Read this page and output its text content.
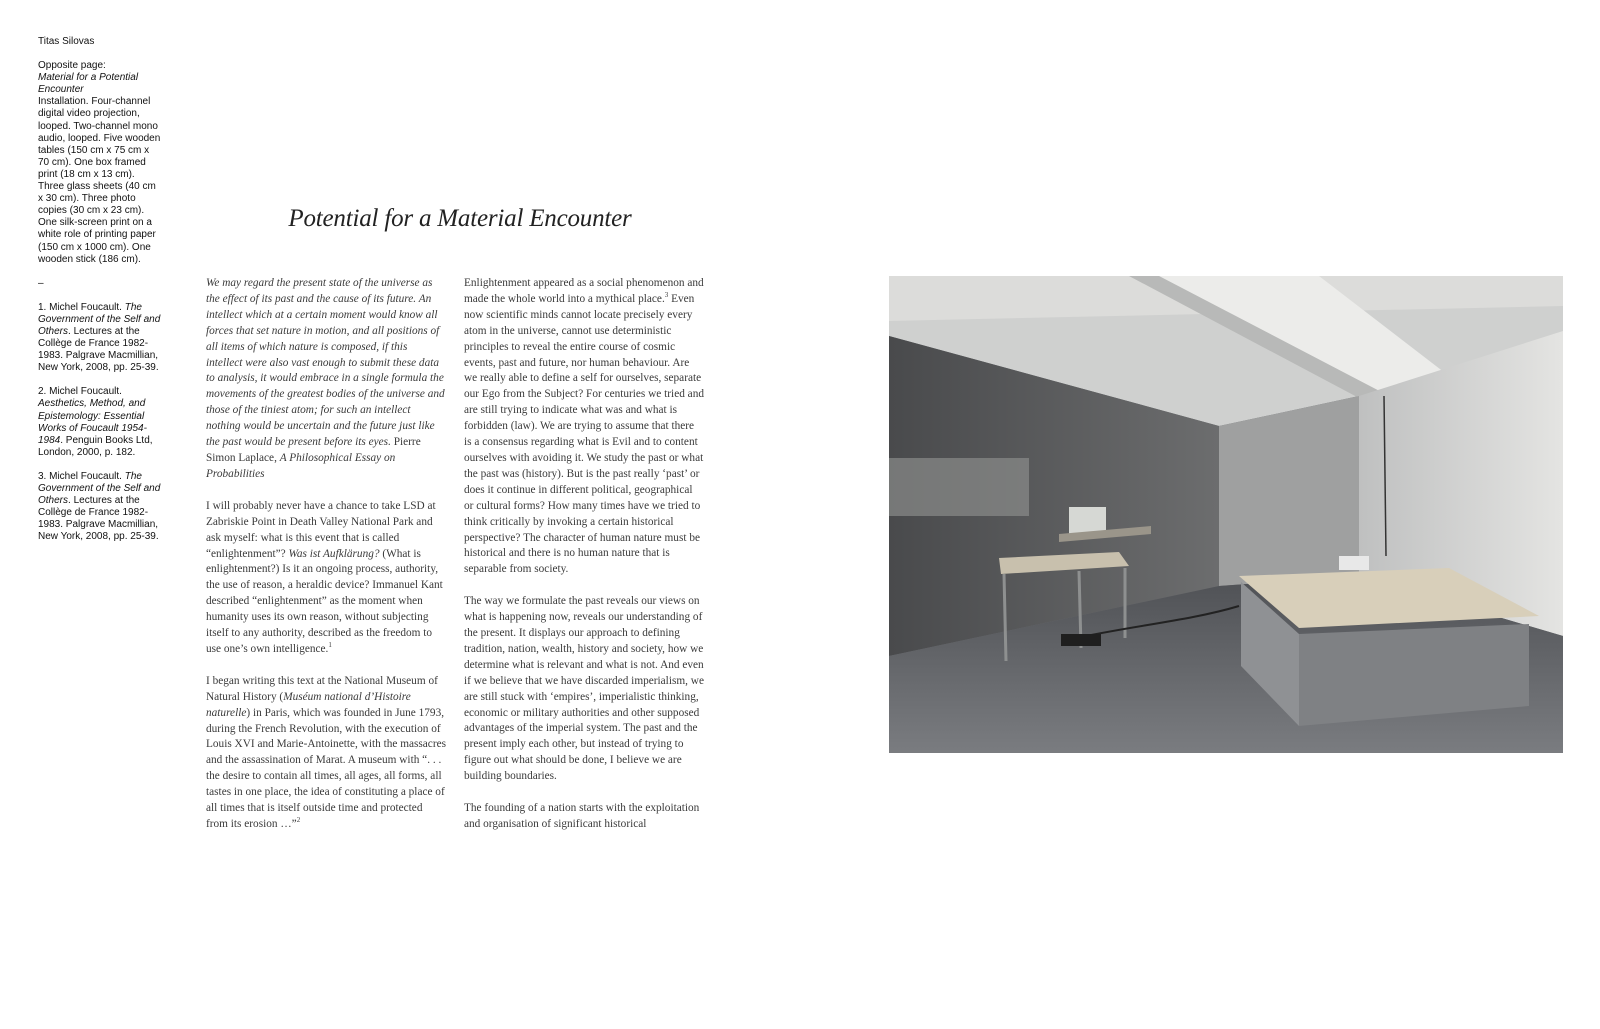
Titas Silovas
Opposite page:
Material for a Potential Encounter
Installation. Four-channel digital video projection, looped. Two-channel mono audio, looped. Five wooden tables (150 cm x 75 cm x 70 cm). One box framed print (18 cm x 13 cm). Three glass sheets (40 cm x 30 cm). Three photo copies (30 cm x 23 cm). One silk-screen print on a white role of printing paper (150 cm x 1000 cm). One wooden stick (186 cm).
–
1. Michel Foucault. The Government of the Self and Others. Lectures at the Collège de France 1982-1983. Palgrave Macmillian, New York, 2008, pp. 25-39.
2. Michel Foucault. Aesthetics, Method, and Epistemology: Essential Works of Foucault 1954-1984. Penguin Books Ltd, London, 2000, p. 182.
3. Michel Foucault. The Government of the Self and Others. Lectures at the Collège de France 1982-1983. Palgrave Macmillian, New York, 2008, pp. 25-39.
Potential for a Material Encounter

We may regard the present state of the universe as the effect of its past and the cause of its future. An intellect which at a certain moment would know all forces that set nature in motion, and all positions of all items of which nature is composed, if this intellect were also vast enough to submit these data to analysis, it would embrace in a single formula the movements of the greatest bodies of the universe and those of the tiniest atom; for such an intellect nothing would be uncertain and the future just like the past would be present before its eyes. Pierre Simon Laplace, A Philosophical Essay on Probabilities

I will probably never have a chance to take LSD at Zabriskie Point in Death Valley National Park and ask myself: what is this event that is called “enlightenment”? Was ist Aufklärung? (What is enlightenment?) Is it an ongoing process, authority, the use of reason, a heraldic device? Immanuel Kant described “enlightenment” as the moment when humanity uses its own reason, without subjecting itself to any authority, described as the freedom to use one’s own intelligence.$^1$

I began writing this text at the National Museum of Natural History (Muséum national d’Histoire naturelle) in Paris, which was founded in June 1793, during the French Revolution, with the execution of Louis XVI and Marie-Antoinette, with the massacres and the assassination of Marat. A museum with “. . . the desire to contain all times, all ages, all forms, all tastes in one place, the idea of constituting a place of all times that is itself outside time and protected from its erosion …”$^2$

Enlightenment appeared as a social phenomenon and made the whole world into a mythical place.$^3$ Even now scientific minds cannot locate precisely every atom in the universe, cannot use deterministic principles to reveal the entire course of cosmic events, past and future, nor human behaviour. Are we really able to define a self for ourselves, separate our Ego from the Subject? For centuries we tried and are still trying to indicate what was and what is forbidden (law). We are trying to assume that there is a consensus regarding what is Evil and to content ourselves with avoiding it. We study the past or what the past was (history). But is the past really ‘past’ or does it continue in different political, geographical or cultural forms? How many times have we tried to think critically by invoking a certain historical perspective? The character of human nature must be historical and there is no human nature that is separable from society.

The way we formulate the past reveals our views on what is happening now, reveals our understanding of the present. It displays our approach to defining tradition, nation, wealth, history and society, how we determine what is relevant and what is not. And even if we believe that we have discarded imperialism, we are still stuck with ‘empires’, imperialistic thinking, economic or military authorities and other supposed advantages of the imperial system. The past and the present imply each other, but instead of trying to figure out what should be done, I believe we are building boundaries.

The founding of a nation starts with the exploitation and organisation of significant historical
